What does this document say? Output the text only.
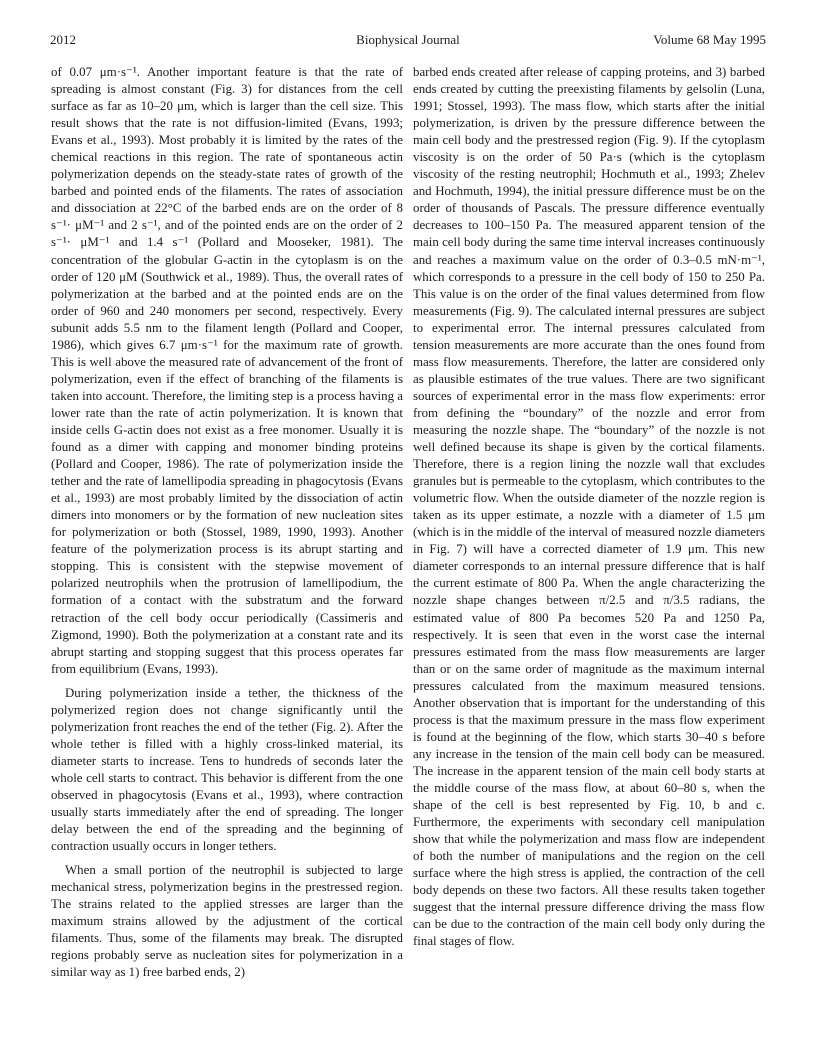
2012	Biophysical Journal	Volume 68 May 1995

of 0.07 μm·s⁻¹. Another important feature is that the rate of spreading is almost constant (Fig. 3) for distances from the cell surface as far as 10–20 μm, which is larger than the cell size. This result shows that the rate is not diffusion-limited (Evans, 1993; Evans et al., 1993). Most probably it is limited by the rates of the chemical reactions in this region. The rate of spontaneous actin polymerization depends on the steady-state rates of growth of the barbed and pointed ends of the filaments. The rates of association and dissociation at 22°C of the barbed ends are on the order of 8 s⁻¹· μM⁻¹ and 2 s⁻¹, and of the pointed ends are on the order of 2 s⁻¹· μM⁻¹ and 1.4 s⁻¹ (Pollard and Mooseker, 1981). The concentration of the globular G-actin in the cytoplasm is on the order of 120 μM (Southwick et al., 1989). Thus, the overall rates of polymerization at the barbed and at the pointed ends are on the order of 960 and 240 monomers per second, respectively. Every subunit adds 5.5 nm to the filament length (Pollard and Cooper, 1986), which gives 6.7 μm·s⁻¹ for the maximum rate of growth. This is well above the measured rate of advancement of the front of polymerization, even if the effect of branching of the filaments is taken into account. Therefore, the limiting step is a process having a lower rate than the rate of actin polymerization. It is known that inside cells G-actin does not exist as a free monomer. Usually it is found as a dimer with capping and monomer binding proteins (Pollard and Cooper, 1986). The rate of polymerization inside the tether and the rate of lamellipodia spreading in phagocytosis (Evans et al., 1993) are most probably limited by the dissociation of actin dimers into monomers or by the formation of new nucleation sites for polymerization or both (Stossel, 1989, 1990, 1993). Another feature of the polymerization process is its abrupt starting and stopping. This is consistent with the stepwise movement of polarized neutrophils when the protrusion of lamellipodium, the formation of a contact with the substratum and the forward retraction of the cell body occur periodically (Cassimeris and Zigmond, 1990). Both the polymerization at a constant rate and its abrupt starting and stopping suggest that this process operates far from equilibrium (Evans, 1993).

During polymerization inside a tether, the thickness of the polymerized region does not change significantly until the polymerization front reaches the end of the tether (Fig. 2). After the whole tether is filled with a highly cross-linked material, its diameter starts to increase. Tens to hundreds of seconds later the whole cell starts to contract. This behavior is different from the one observed in phagocytosis (Evans et al., 1993), where contraction usually starts immediately after the end of spreading. The longer delay between the end of the spreading and the beginning of contraction usually occurs in longer tethers.

When a small portion of the neutrophil is subjected to large mechanical stress, polymerization begins in the prestressed region. The strains related to the applied stresses are larger than the maximum strains allowed by the adjustment of the cortical filaments. Thus, some of the filaments may break. The disrupted regions probably serve as nucleation sites for polymerization in a similar way as 1) free barbed ends, 2)

barbed ends created after release of capping proteins, and 3) barbed ends created by cutting the preexisting filaments by gelsolin (Luna, 1991; Stossel, 1993). The mass flow, which starts after the initial polymerization, is driven by the pressure difference between the main cell body and the prestressed region (Fig. 9). If the cytoplasm viscosity is on the order of 50 Pa·s (which is the cytoplasm viscosity of the resting neutrophil; Hochmuth et al., 1993; Zhelev and Hochmuth, 1994), the initial pressure difference must be on the order of thousands of Pascals. The pressure difference eventually decreases to 100–150 Pa. The measured apparent tension of the main cell body during the same time interval increases continuously and reaches a maximum value on the order of 0.3–0.5 mN·m⁻¹, which corresponds to a pressure in the cell body of 150 to 250 Pa. This value is on the order of the final values determined from flow measurements (Fig. 9). The calculated internal pressures are subject to experimental error. The internal pressures calculated from tension measurements are more accurate than the ones found from mass flow measurements. Therefore, the latter are considered only as plausible estimates of the true values. There are two significant sources of experimental error in the mass flow experiments: error from defining the “boundary” of the nozzle and error from measuring the nozzle shape. The “boundary” of the nozzle is not well defined because its shape is given by the cortical filaments. Therefore, there is a region lining the nozzle wall that excludes granules but is permeable to the cytoplasm, which contributes to the volumetric flow. When the outside diameter of the nozzle region is taken as its upper estimate, a nozzle with a diameter of 1.5 μm (which is in the middle of the interval of measured nozzle diameters in Fig. 7) will have a corrected diameter of 1.9 μm. This new diameter corresponds to an internal pressure difference that is half the current estimate of 800 Pa. When the angle characterizing the nozzle shape changes between π/2.5 and π/3.5 radians, the estimated value of 800 Pa becomes 520 Pa and 1250 Pa, respectively. It is seen that even in the worst case the internal pressures estimated from the mass flow measurements are larger than or on the same order of magnitude as the maximum internal pressures calculated from the maximum measured tensions. Another observation that is important for the understanding of this process is that the maximum pressure in the mass flow experiment is found at the beginning of the flow, which starts 30–40 s before any increase in the tension of the main cell body can be measured. The increase in the apparent tension of the main cell body starts at the middle course of the mass flow, at about 60–80 s, when the shape of the cell is best represented by Fig. 10, b and c. Furthermore, the experiments with secondary cell manipulation show that while the polymerization and mass flow are independent of both the number of manipulations and the region on the cell surface where the high stress is applied, the contraction of the cell body depends on these two factors. All these results taken together suggest that the internal pressure difference driving the mass flow can be due to the contraction of the main cell body only during the final stages of flow.
